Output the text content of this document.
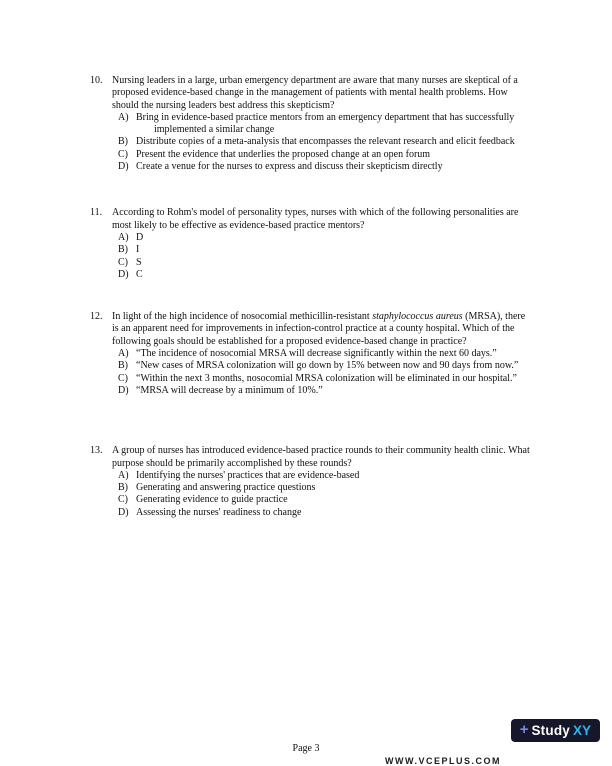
10. Nursing leaders in a large, urban emergency department are aware that many nurses are skeptical of a proposed evidence-based change in the management of patients with mental health problems. How should the nursing leaders best address this skepticism?

A) Bring in evidence-based practice mentors from an emergency department that has successfully implemented a similar change
B) Distribute copies of a meta-analysis that encompasses the relevant research and elicit feedback
C) Present the evidence that underlies the proposed change at an open forum
D) Create a venue for the nurses to express and discuss their skepticism directly
11. According to Rohm's model of personality types, nurses with which of the following personalities are most likely to be effective as evidence-based practice mentors?

A) D
B) I
C) S
D) C
12. In light of the high incidence of nosocomial methicillin-resistant staphylococcus aureus (MRSA), there is an apparent need for improvements in infection-control practice at a county hospital. Which of the following goals should be established for a proposed evidence-based change in practice?

A) “The incidence of nosocomial MRSA will decrease significantly within the next 60 days.”
B) “New cases of MRSA colonization will go down by 15% between now and 90 days from now.”
C) “Within the next 3 months, nosocomial MRSA colonization will be eliminated in our hospital.”
D) “MRSA will decrease by a minimum of 10%.”
13. A group of nurses has introduced evidence-based practice rounds to their community health clinic. What purpose should be primarily accomplished by these rounds?

A) Identifying the nurses' practices that are evidence-based
B) Generating and answering practice questions
C) Generating evidence to guide practice
D) Assessing the nurses' readiness to change
Page 3
+ Study XY
WWW.VCEPLUS.COM
